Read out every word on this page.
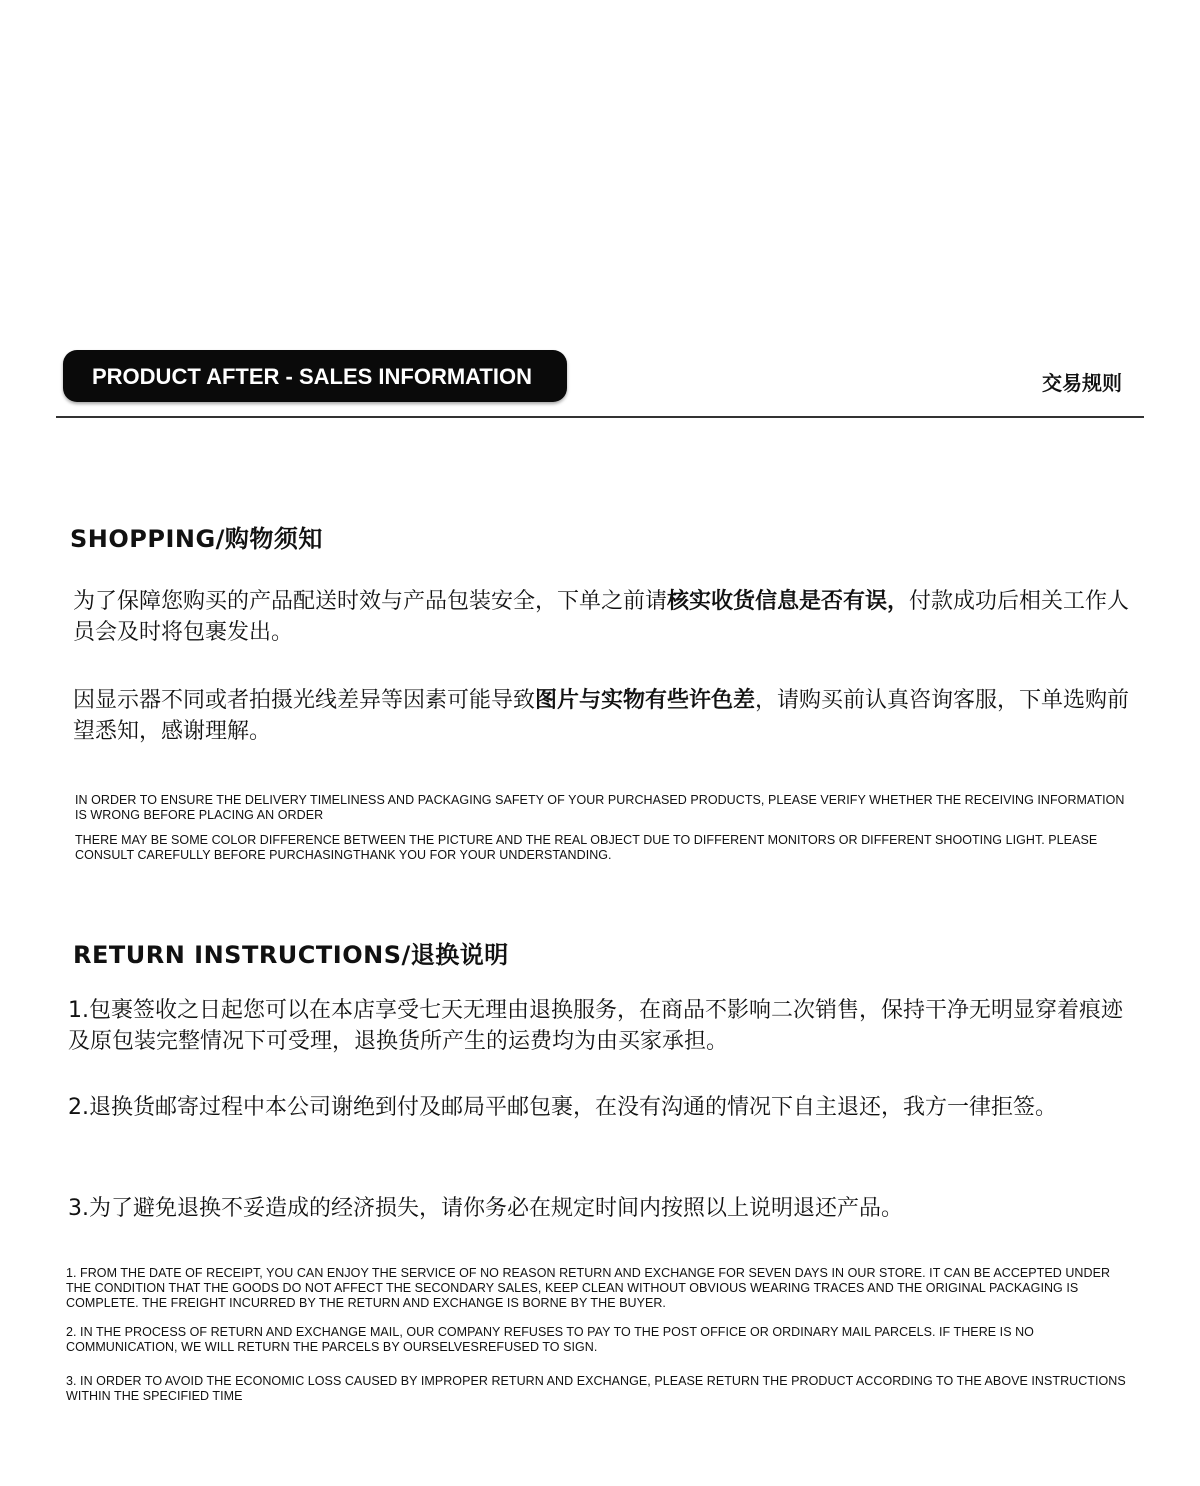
PRODUCT AFTER - SALES INFORMATION	交易规则
SHOPPING/购物须知

为了保障您购买的产品配送时效与产品包装安全，下单之前请核实收货信息是否有误，付款成功后相关工作人员会及时将包裹发出。

因显示器不同或者拍摄光线差异等因素可能导致图片与实物有些许色差，请购买前认真咨询客服，下单选购前望悉知，感谢理解。

IN ORDER TO ENSURE THE DELIVERY TIMELINESS AND PACKAGING SAFETY OF YOUR PURCHASED PRODUCTS, PLEASE VERIFY WHETHER THE RECEIVING INFORMATION IS WRONG BEFORE PLACING AN ORDER

THERE MAY BE SOME COLOR DIFFERENCE BETWEEN THE PICTURE AND THE REAL OBJECT DUE TO DIFFERENT MONITORS OR DIFFERENT SHOOTING LIGHT. PLEASE CONSULT CAREFULLY BEFORE PURCHASINGTHANK YOU FOR YOUR UNDERSTANDING.

RETURN INSTRUCTIONS/退换说明

1.包裹签收之日起您可以在本店享受七天无理由退换服务，在商品不影响二次销售，保持干净无明显穿着痕迹及原包装完整情况下可受理，退换货所产生的运费均为由买家承担。

2.退换货邮寄过程中本公司谢绝到付及邮局平邮包裹，在没有沟通的情况下自主退还，我方一律拒签。

3.为了避免退换不妥造成的经济损失，请你务必在规定时间内按照以上说明退还产品。

1. FROM THE DATE OF RECEIPT, YOU CAN ENJOY THE SERVICE OF NO REASON RETURN AND EXCHANGE FOR SEVEN DAYS IN OUR STORE. IT CAN BE ACCEPTED UNDER THE CONDITION THAT THE GOODS DO NOT AFFECT THE SECONDARY SALES, KEEP CLEAN WITHOUT OBVIOUS WEARING TRACES AND THE ORIGINAL PACKAGING IS COMPLETE. THE FREIGHT INCURRED BY THE RETURN AND EXCHANGE IS BORNE BY THE BUYER.

2. IN THE PROCESS OF RETURN AND EXCHANGE MAIL, OUR COMPANY REFUSES TO PAY TO THE POST OFFICE OR ORDINARY MAIL PARCELS. IF THERE IS NO COMMUNICATION, WE WILL RETURN THE PARCELS BY OURSELVESREFUSED TO SIGN.

3. IN ORDER TO AVOID THE ECONOMIC LOSS CAUSED BY IMPROPER RETURN AND EXCHANGE, PLEASE RETURN THE PRODUCT ACCORDING TO THE ABOVE INSTRUCTIONS WITHIN THE SPECIFIED TIME
